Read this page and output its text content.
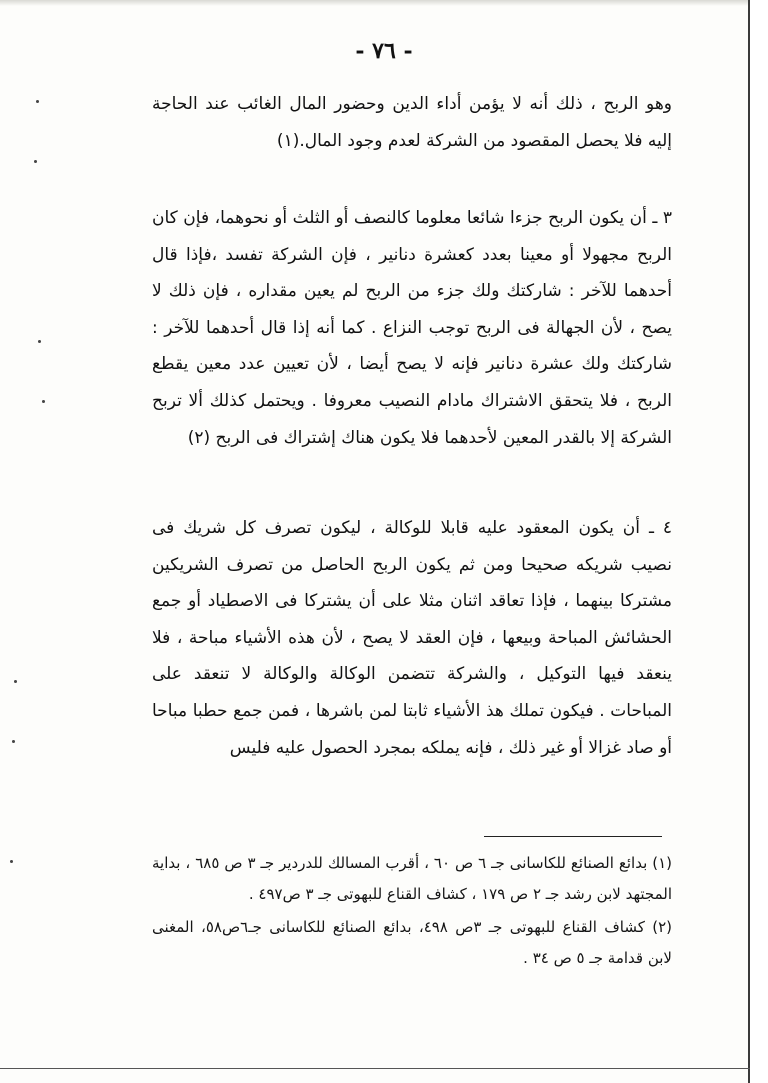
- ٧٦ -

وهو الربح ، ذلك أنه لا يؤمن أداء الدين وحضور المال الغائب عند الحاجة إليه فلا يحصل المقصود من الشركة لعدم وجود المال.(١)

٣ ـ أن يكون الربح جزءا شائعا معلوما كالنصف أو الثلث أو نحوهما، فإن كان الربح مجهولا أو معينا بعدد كعشرة دنانير ، فإن الشركة تفسد ،فإذا قال أحدهما للآخر : شاركتك ولك جزء من الربح لم يعين مقداره ، فإن ذلك لا يصح ، لأن الجهالة فى الربح توجب النزاع . كما أنه إذا قال أحدهما للآخر : شاركتك ولك عشرة دنانير فإنه لا يصح أيضا ، لأن تعيين عدد معين يقطع الربح ، فلا يتحقق الاشتراك مادام النصيب معروفا . ويحتمل كذلك ألا تربح الشركة إلا بالقدر المعين لأحدهما فلا يكون هناك إشتراك فى الربح (٢)

٤ ـ أن يكون المعقود عليه قابلا للوكالة ، ليكون تصرف كل شريك فى نصيب شريكه صحيحا ومن ثم يكون الربح الحاصل من تصرف الشريكين مشتركا بينهما ، فإذا تعاقد اثنان مثلا على أن يشتركا فى الاصطياد أو جمع الحشائش المباحة وبيعها ، فإن العقد لا يصح ، لأن هذه الأشياء مباحة ، فلا ينعقد فيها التوكيل ، والشركة تتضمن الوكالة والوكالة لا تنعقد على المباحات . فيكون تملك هذ الأشياء ثابتا لمن باشرها ، فمن جمع حطبا مباحا أو صاد غزالا أو غير ذلك ، فإنه يملكه بمجرد الحصول عليه فليس

(١) بدائع الصنائع للكاسانى جـ ٦ ص ٦٠ ، أقرب المسالك للدردير جـ ٣ ص ٦٨٥ ، بداية المجتهد لابن رشد جـ ٢ ص ١٧٩ ، كشاف القناع للبهوتى جـ ٣ ص٤٩٧ .

(٢) كشاف القناع للبهوتى جـ ٣ص ٤٩٨، بدائع الصنائع للكاسانى جـ٦ص٥٨، المغنى لابن قدامة جـ ٥ ص ٣٤ .
